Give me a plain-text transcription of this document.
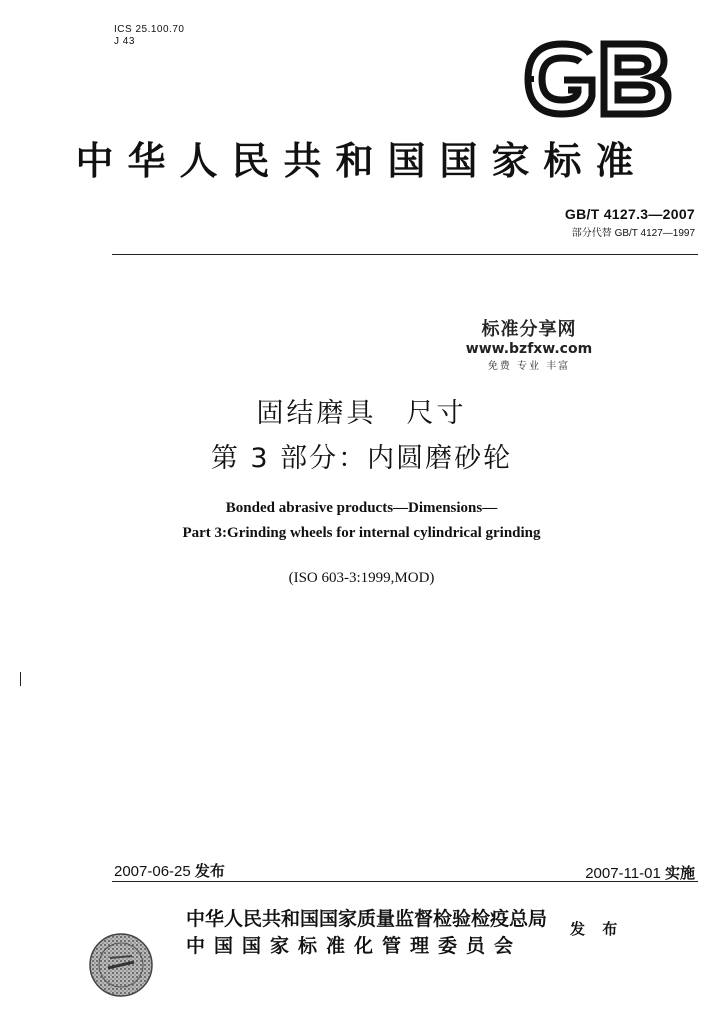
ICS 25.100.70
J 43
中华人民共和国国家标准
GB/T 4127.3—2007
部分代替 GB/T 4127—1997
标准分享网
www.bzfxw.com
免费 专业 丰富
固结磨具　尺寸
第 3 部分：内圆磨砂轮
Bonded abrasive products—Dimensions—
Part 3:Grinding wheels for internal cylindrical grinding
(ISO 603-3:1999,MOD)
2007-06-25 发布	2007-11-01 实施
中华人民共和国国家质量监督检验检疫总局
中国国家标准化管理委员会
发 布
